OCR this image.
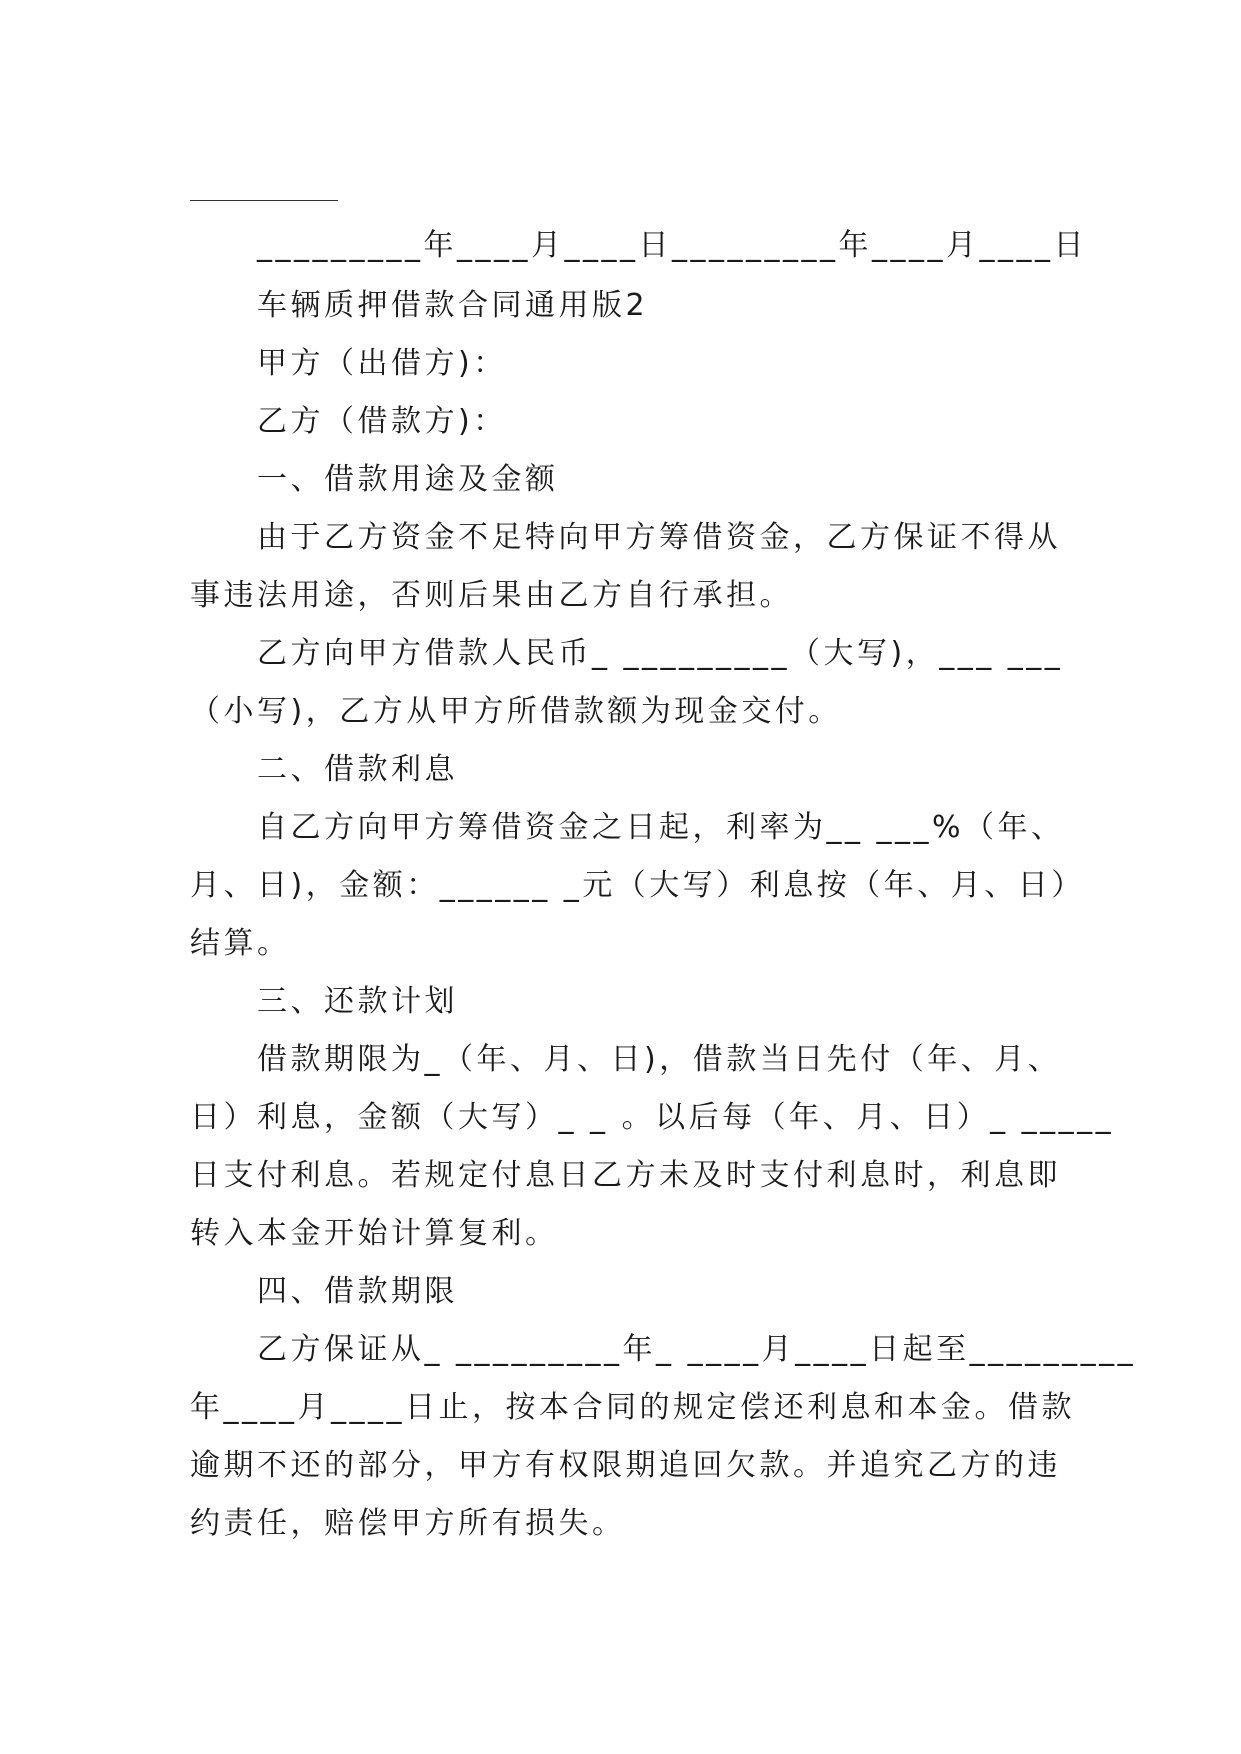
_________年____月____日_________年____月____日
车辆质押借款合同通用版2
甲方（出借方)：
乙方（借款方)：
一、借款用途及金额
由于乙方资金不足特向甲方筹借资金，乙方保证不得从
事违法用途，否则后果由乙方自行承担。
乙方向甲方借款人民币_ _________（大写)，___ ___
（小写)，乙方从甲方所借款额为现金交付。
二、借款利息
自乙方向甲方筹借资金之日起，利率为__ ___%（年、
月、日)，金额：______ _元（大写）利息按（年、月、日）
结算。
三、还款计划
借款期限为_（年、月、日)，借款当日先付（年、月、
日）利息，金额（大写）_ _ 。以后每（年、月、日）_ _____
日支付利息。若规定付息日乙方未及时支付利息时，利息即
转入本金开始计算复利。
四、借款期限
乙方保证从_ _________年_ ____月____日起至_________
年____月____日止，按本合同的规定偿还利息和本金。借款
逾期不还的部分，甲方有权限期追回欠款。并追究乙方的违
约责任，赔偿甲方所有损失。
